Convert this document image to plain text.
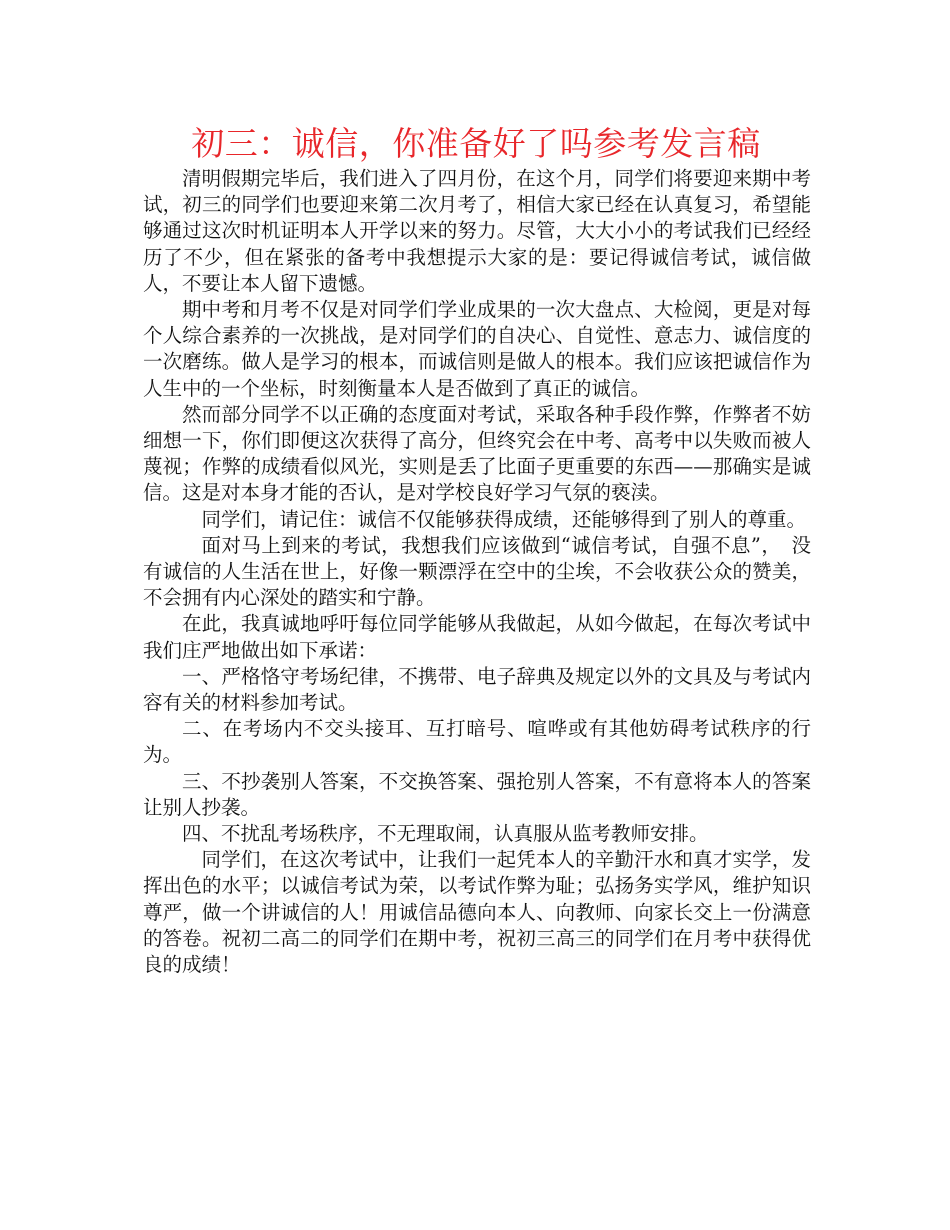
初三：诚信，你准备好了吗参考发言稿

清明假期完毕后，我们进入了四月份，在这个月，同学们将要迎来期中考试，初三的同学们也要迎来第二次月考了，相信大家已经在认真复习，希望能够通过这次时机证明本人开学以来的努力。尽管，大大小小的考试我们已经经历了不少，但在紧张的备考中我想提示大家的是：要记得诚信考试，诚信做人，不要让本人留下遗憾。

期中考和月考不仅是对同学们学业成果的一次大盘点、大检阅，更是对每个人综合素养的一次挑战，是对同学们的自决心、自觉性、意志力、诚信度的一次磨练。做人是学习的根本，而诚信则是做人的根本。我们应该把诚信作为人生中的一个坐标，时刻衡量本人是否做到了真正的诚信。

然而部分同学不以正确的态度面对考试，采取各种手段作弊，作弊者不妨细想一下，你们即便这次获得了高分，但终究会在中考、高考中以失败而被人蔑视；作弊的成绩看似风光，实则是丢了比面子更重要的东西——那确实是诚信。这是对本身才能的否认，是对学校良好学习气氛的亵渎。

同学们，请记住：诚信不仅能够获得成绩，还能够得到了别人的尊重。

面对马上到来的考试，我想我们应该做到“诚信考试，自强不息”，　没有诚信的人生活在世上，好像一颗漂浮在空中的尘埃，不会收获公众的赞美，不会拥有内心深处的踏实和宁静。

在此，我真诚地呼吁每位同学能够从我做起，从如今做起，在每次考试中我们庄严地做出如下承诺：

一、严格恪守考场纪律，不携带、电子辞典及规定以外的文具及与考试内容有关的材料参加考试。

二、在考场内不交头接耳、互打暗号、喧哗或有其他妨碍考试秩序的行为。

三、不抄袭别人答案，不交换答案、强抢别人答案，不有意将本人的答案让别人抄袭。

四、不扰乱考场秩序，不无理取闹，认真服从监考教师安排。

同学们，在这次考试中，让我们一起凭本人的辛勤汗水和真才实学，发挥出色的水平；以诚信考试为荣，以考试作弊为耻；弘扬务实学风，维护知识尊严，做一个讲诚信的人！用诚信品德向本人、向教师、向家长交上一份满意的答卷。祝初二高二的同学们在期中考，祝初三高三的同学们在月考中获得优良的成绩！
